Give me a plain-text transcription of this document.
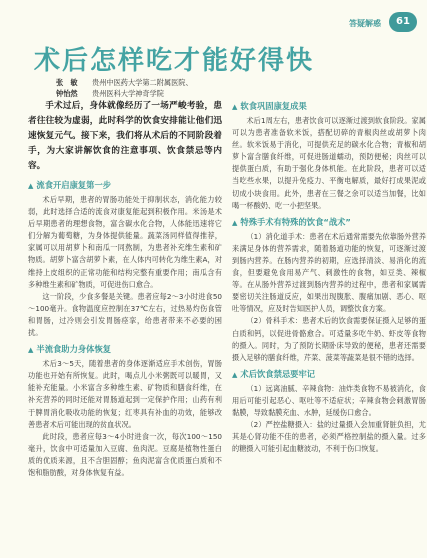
答疑解惑	61
术后怎样吃才能好得快
张　敏	贵州中医药大学第二附属医院、
钟怡然	贵州医科大学神奇学院

手术过后，身体就像经历了一场严峻考验，患者往往较为虚弱，此时科学的饮食安排能让他们迅速恢复元气。接下来，我们将从术后的不同阶段着手，为大家讲解饮食的注意事项、饮食禁忌等内容。

▲ 流食开启康复第一步

术后早期，患者的胃肠功能处于抑制状态，消化能力较弱，此时选择合适的流食对康复能起到积极作用。米汤是术后早期患者的理想食物，富含碳水化合物，人体能迅速将它们分解为葡萄糖，为身体提供能量。蔬菜汤同样值得推荐，家属可以用胡萝卜和南瓜一同熬制，为患者补充维生素和矿物质。胡萝卜富含胡萝卜素，在人体内可转化为维生素A，对维持上皮组织的正常功能和结构完整有重要作用；南瓜含有多种维生素和矿物质，可促进伤口愈合。

这一阶段，少食多餐是关键。患者应每2～3小时进食50～100毫升。食物温度应控制在37℃左右，过热易灼伤食管和胃肠，过冷则会引发胃肠痉挛，给患者带来不必要的困扰。

▲ 半流食助力身体恢复

术后3～5天，随着患者的身体逐渐适应手术创伤，胃肠功能也开始有所恢复。此时，喝点儿小米粥既可以暖胃，又能补充能量。小米富含多种维生素、矿物质和膳食纤维，在补充营养的同时还能对胃肠道起到一定保护作用；山药有利于脾胃消化吸收功能的恢复；红枣具有补血的功效，能够改善患者术后可能出现的贫血状况。

此时段，患者应每3～4小时进食一次，每次100～150毫升，饮食中可适量加入豆腐、鱼肉泥。豆腐是植物性蛋白质的优质来源，且不含胆固醇；鱼肉泥富含优质蛋白质和不饱和脂肪酸，对身体恢复有益。

▲ 软食巩固康复成果

术后1周左右，患者饮食可以逐渐过渡到软食阶段。家属可以为患者准备软米饭，搭配切碎的青椒肉丝或胡萝卜肉丝。软米饭易于消化，可提供充足的碳水化合物；青椒和胡萝卜富含膳食纤维，可促进肠道蠕动，预防便秘；肉丝可以提供蛋白质，有助于强化身体机能。在此阶段，患者可以适当吃些水果，以提升免疫力、平衡电解质，最好打成果泥或切成小块食用。此外，患者在三餐之余可以适当加餐，比如喝一杯酸奶、吃一小把坚果。

▲ 特殊手术有特殊的饮食“战术”

（1）消化道手术：患者在术后通常需要先依靠肠外营养来满足身体的营养需求，随着肠道功能的恢复，可逐渐过渡到肠内营养。在肠内营养的初期，应选择清淡、易消化的流食，但要避免食用易产气、刺激性的食物，如豆类、辣椒等。在从肠外营养过渡到肠内营养的过程中，患者和家属需要密切关注肠道反应，如果出现腹胀、腹痛加剧、恶心、呕吐等情况，应及时告知医护人员，调整饮食方案。

（2）骨科手术：患者术后的饮食需要保证摄入足够的蛋白质和钙，以促进骨骼愈合。可适量多吃牛奶、虾皮等食物的摄入。同时，为了预防长期卧床导致的便秘，患者还需要摄入足够的膳食纤维，芹菜、菠菜等蔬菜是很不错的选择。

▲ 术后饮食禁忌要牢记

（1）远离油腻、辛辣食物：油炸类食物不易被消化，食用后可能引起恶心、呕吐等不适症状；辛辣食物会刺激胃肠黏膜，导致黏膜充血、水肿，延缓伤口愈合。

（2）严控盐糖摄入：盐的过量摄入会加重肾脏负担，尤其是心肾功能不佳的患者，必须严格控制盐的摄入量。过多的糖摄入可能引起血糖波动，不利于伤口恢复。
